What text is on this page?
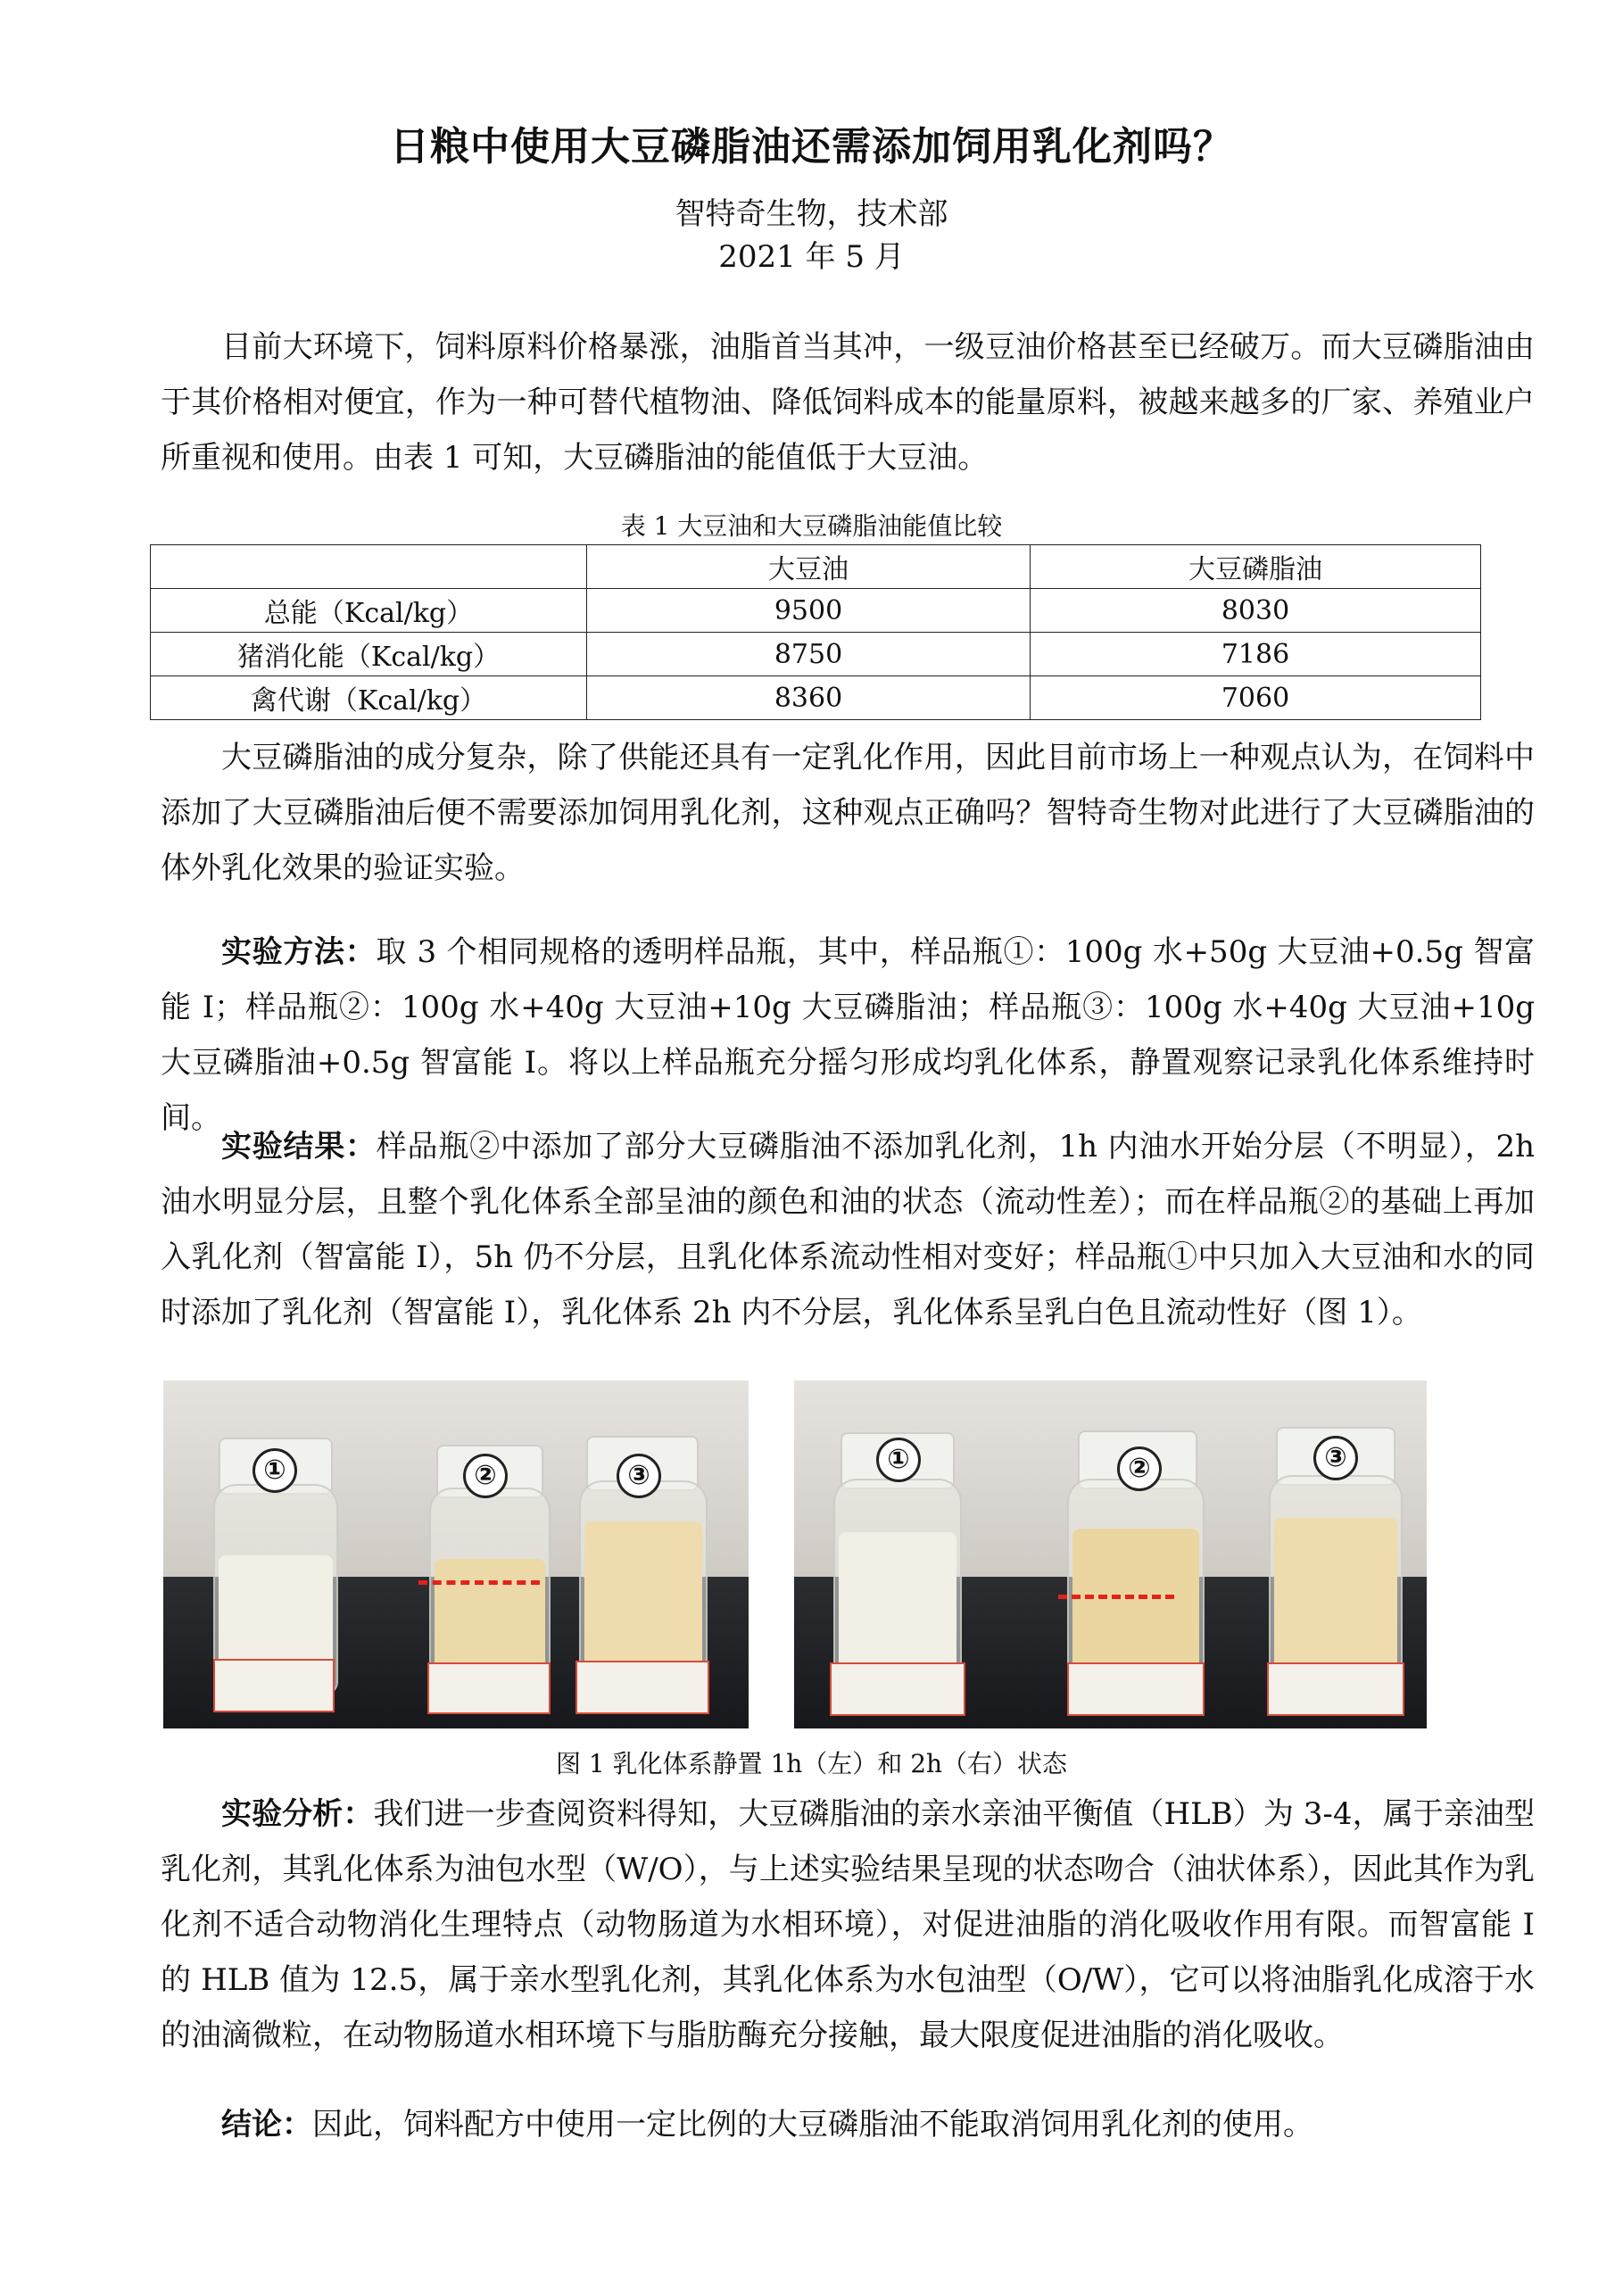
日粮中使用大豆磷脂油还需添加饲用乳化剂吗？
智特奇生物，技术部
2021 年 5 月
目前大环境下，饲料原料价格暴涨，油脂首当其冲，一级豆油价格甚至已经破万。而大豆磷脂油由于其价格相对便宜，作为一种可替代植物油、降低饲料成本的能量原料，被越来越多的厂家、养殖业户所重视和使用。由表 1 可知，大豆磷脂油的能值低于大豆油。
表 1 大豆油和大豆磷脂油能值比较
	大豆油	大豆磷脂油
总能（Kcal/kg）	9500	8030
猪消化能（Kcal/kg）	8750	7186
禽代谢（Kcal/kg）	8360	7060
大豆磷脂油的成分复杂，除了供能还具有一定乳化作用，因此目前市场上一种观点认为，在饲料中添加了大豆磷脂油后便不需要添加饲用乳化剂，这种观点正确吗？智特奇生物对此进行了大豆磷脂油的体外乳化效果的验证实验。
实验方法：取 3 个相同规格的透明样品瓶，其中，样品瓶①：100g 水+50g 大豆油+0.5g 智富能 I；样品瓶②：100g 水+40g 大豆油+10g 大豆磷脂油；样品瓶③：100g 水+40g 大豆油+10g 大豆磷脂油+0.5g 智富能 I。将以上样品瓶充分摇匀形成均乳化体系，静置观察记录乳化体系维持时间。
实验结果：样品瓶②中添加了部分大豆磷脂油不添加乳化剂，1h 内油水开始分层（不明显），2h 油水明显分层，且整个乳化体系全部呈油的颜色和油的状态（流动性差）；而在样品瓶②的基础上再加入乳化剂（智富能 I），5h 仍不分层，且乳化体系流动性相对变好；样品瓶①中只加入大豆油和水的同时添加了乳化剂（智富能 I），乳化体系 2h 内不分层，乳化体系呈乳白色且流动性好（图 1）。
①	②	③
①	②	③
图 1 乳化体系静置 1h（左）和 2h（右）状态
实验分析：我们进一步查阅资料得知，大豆磷脂油的亲水亲油平衡值（HLB）为 3-4，属于亲油型乳化剂，其乳化体系为油包水型（W/O），与上述实验结果呈现的状态吻合（油状体系），因此其作为乳化剂不适合动物消化生理特点（动物肠道为水相环境），对促进油脂的消化吸收作用有限。而智富能 I 的 HLB 值为 12.5，属于亲水型乳化剂，其乳化体系为水包油型（O/W），它可以将油脂乳化成溶于水的油滴微粒，在动物肠道水相环境下与脂肪酶充分接触，最大限度促进油脂的消化吸收。
结论：因此，饲料配方中使用一定比例的大豆磷脂油不能取消饲用乳化剂的使用。
